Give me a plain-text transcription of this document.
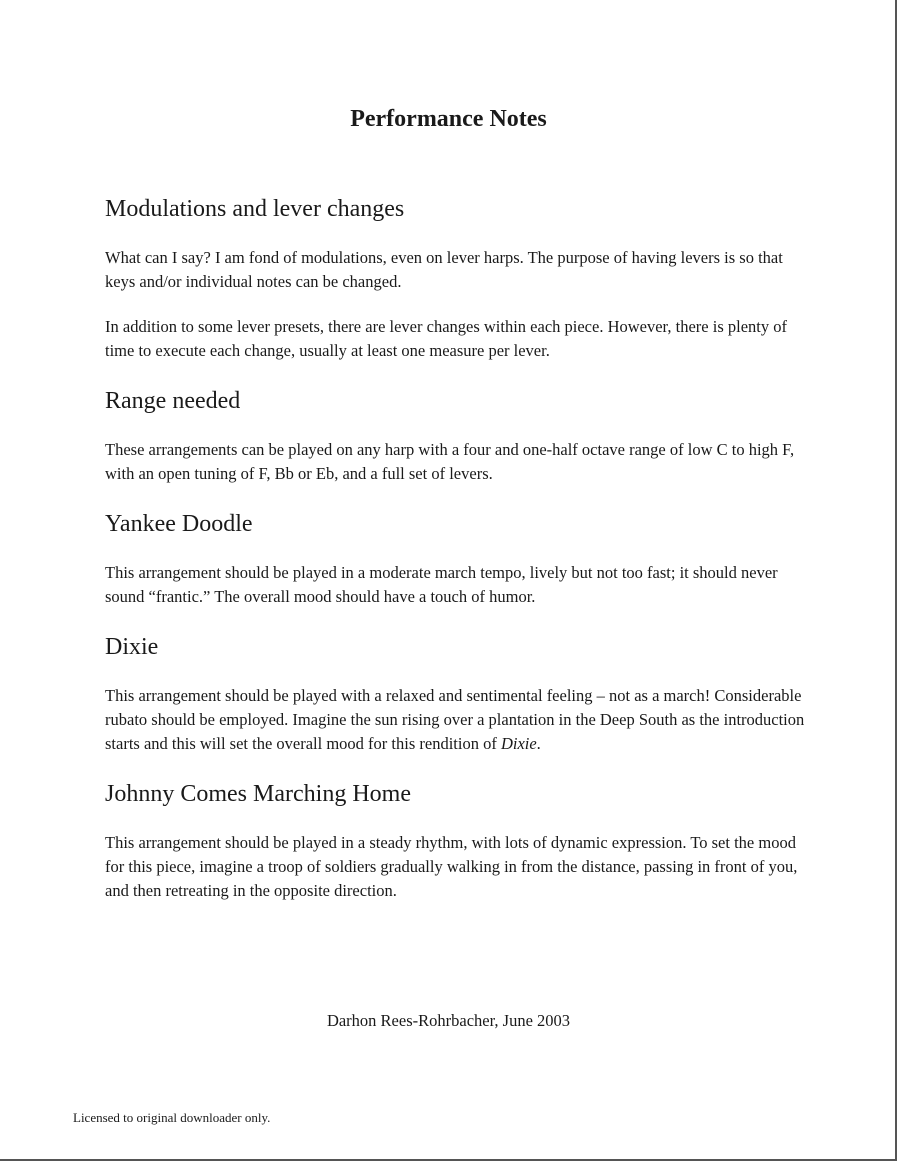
Performance Notes
Modulations and lever changes

What can I say? I am fond of modulations, even on lever harps. The purpose of having levers is so that keys and/or individual notes can be changed.

In addition to some lever presets, there are lever changes within each piece. However, there is plenty of time to execute each change, usually at least one measure per lever.

Range needed

These arrangements can be played on any harp with a four and one-half octave range of low C to high F, with an open tuning of F, Bb or Eb, and a full set of levers.

Yankee Doodle

This arrangement should be played in a moderate march tempo, lively but not too fast; it should never sound “frantic.” The overall mood should have a touch of humor.

Dixie

This arrangement should be played with a relaxed and sentimental feeling – not as a march! Considerable rubato should be employed. Imagine the sun rising over a plantation in the Deep South as the introduction starts and this will set the overall mood for this rendition of Dixie.

Johnny Comes Marching Home

This arrangement should be played in a steady rhythm, with lots of dynamic expression. To set the mood for this piece, imagine a troop of soldiers gradually walking in from the distance, passing in front of you, and then retreating in the opposite direction.

Darhon Rees-Rohrbacher, June 2003
Licensed to original downloader only.
